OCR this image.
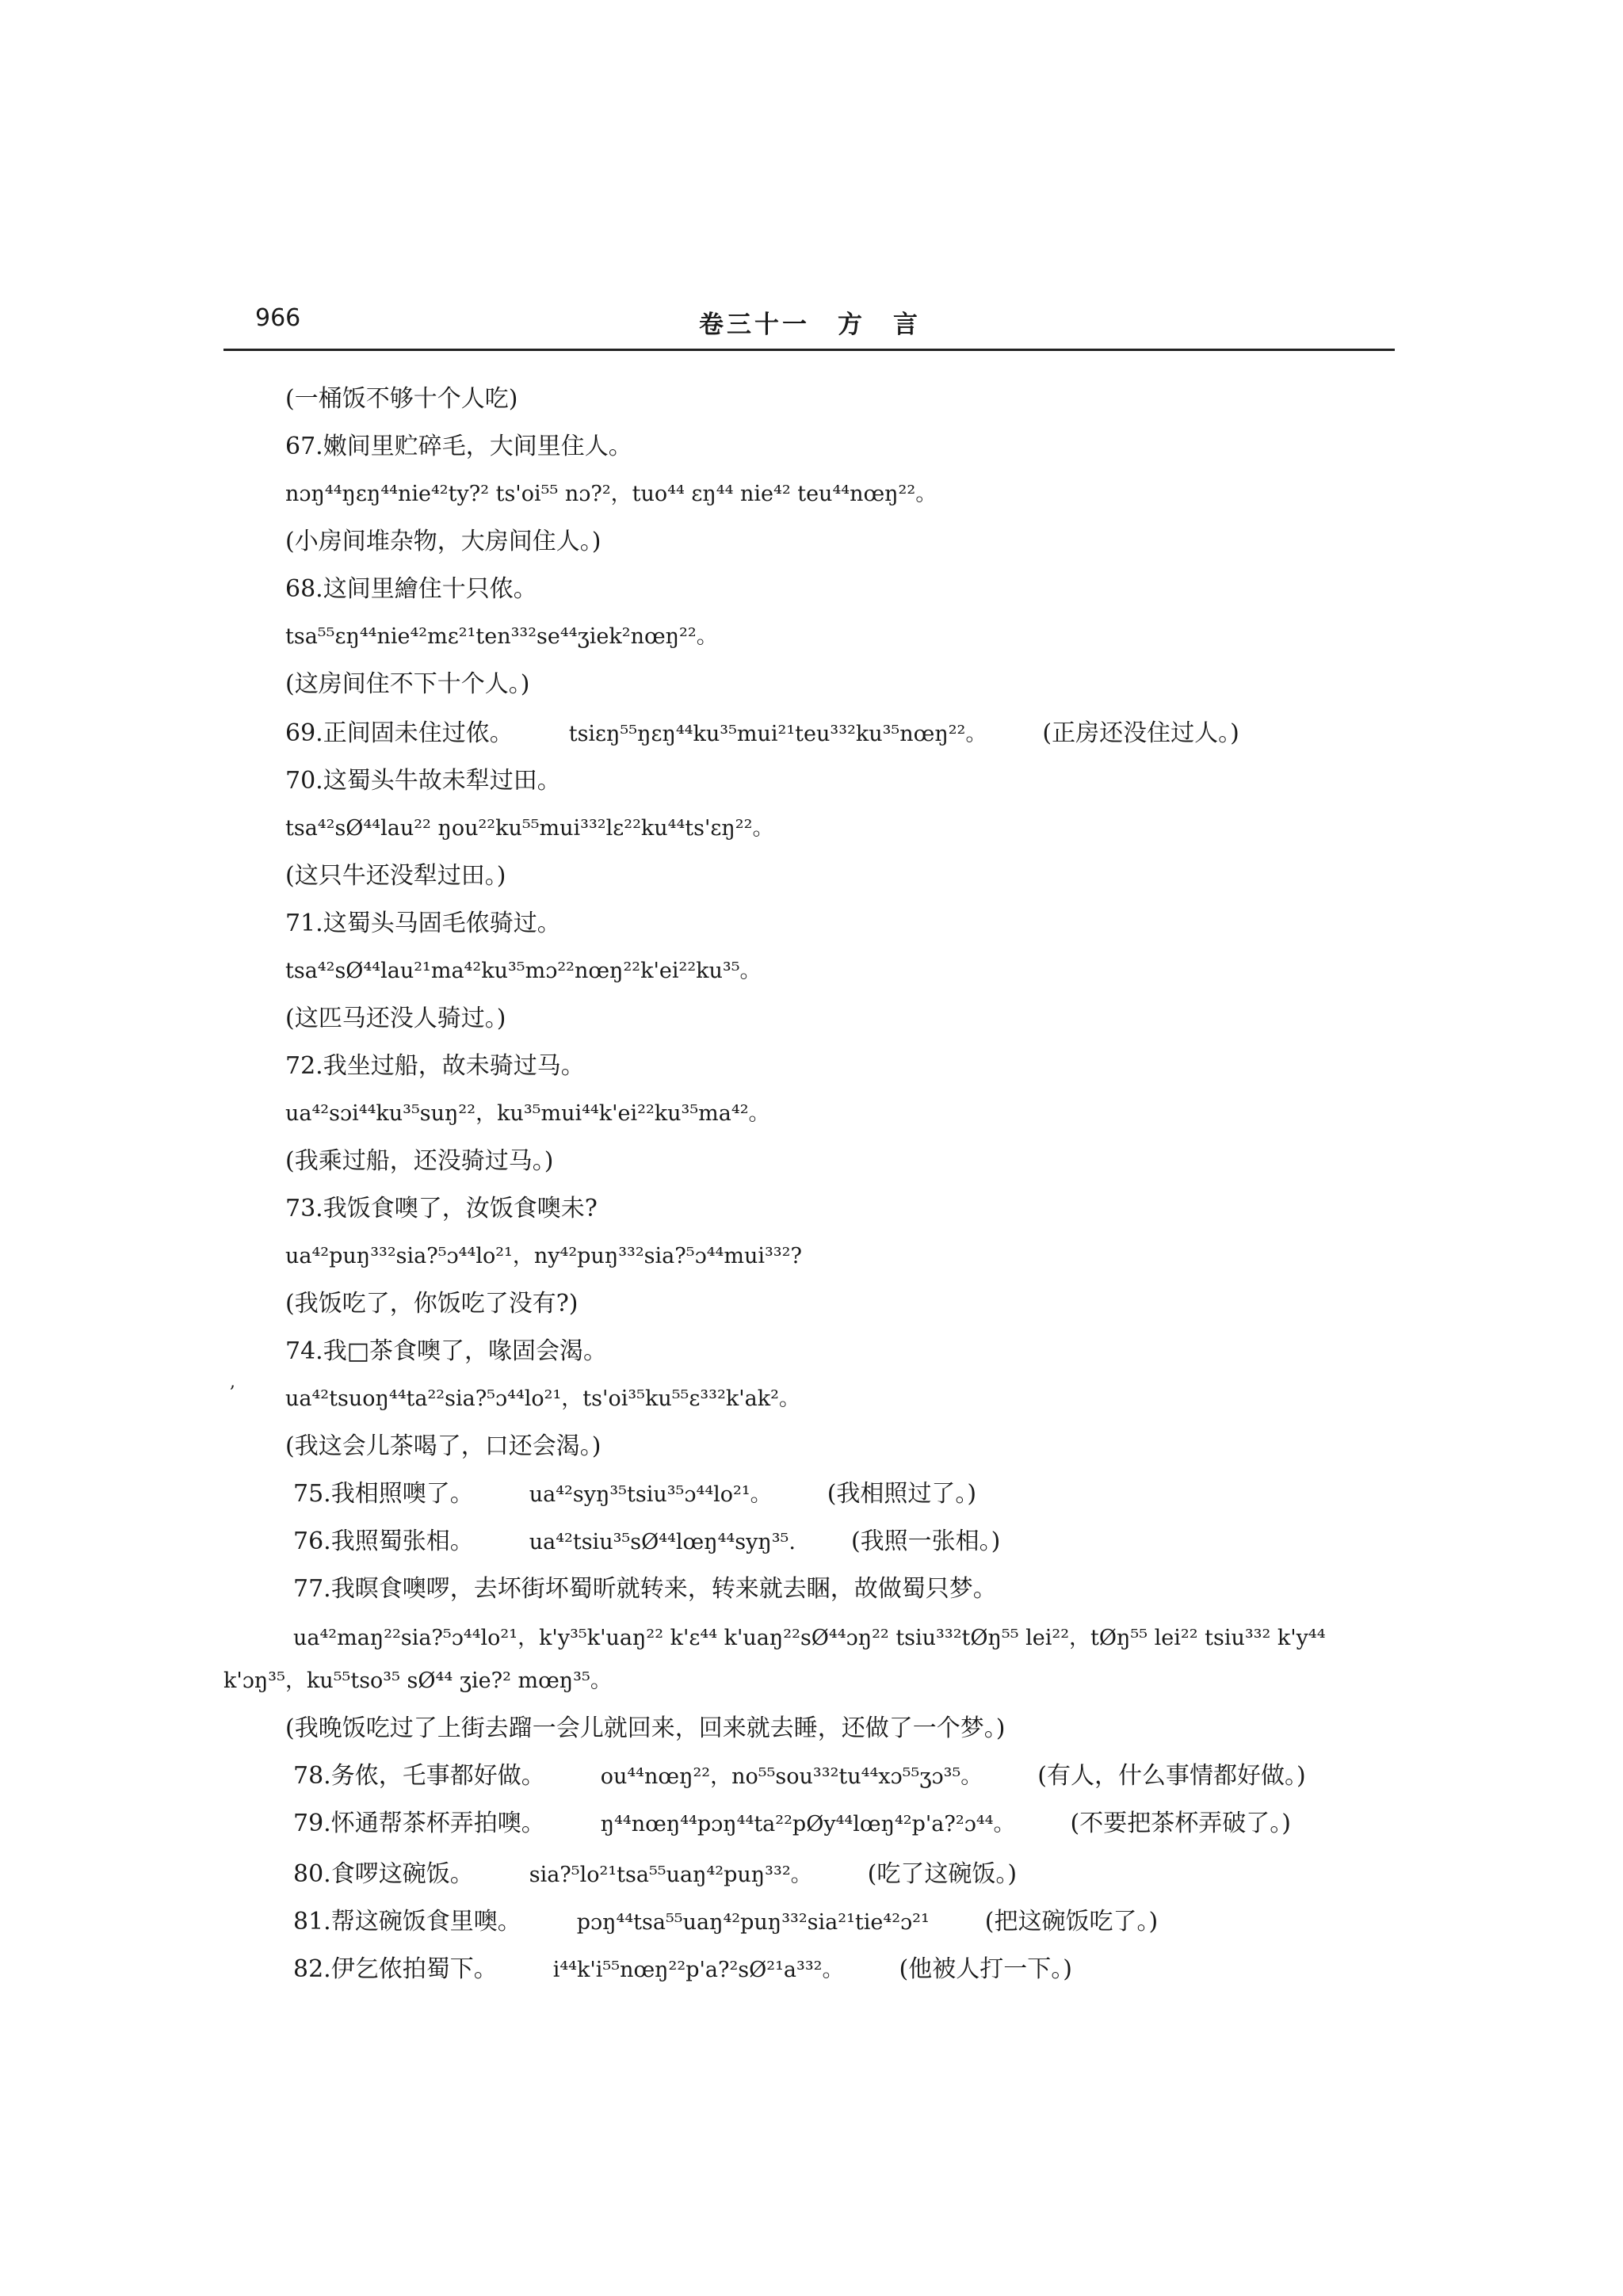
966	卷三十一　方　言
(一桶饭不够十个人吃)
67.嫩间里贮碎毛，大间里住人。
nɔŋ⁴⁴ŋɛŋ⁴⁴nie⁴²ty?² ts'oi⁵⁵ nɔ?²，tuo⁴⁴ ɛŋ⁴⁴ nie⁴² teu⁴⁴nœŋ²²。
(小房间堆杂物，大房间住人。)
68.这间里繪住十只侬。
tsa⁵⁵ɛŋ⁴⁴nie⁴²mɛ²¹ten³³²se⁴⁴ʒiek²nœŋ²²。
(这房间住不下十个人。)
69.正间固未住过侬。	tsiɛŋ⁵⁵ŋɛŋ⁴⁴ku³⁵mui²¹teu³³²ku³⁵nœŋ²²。 (正房还没住过人。)
70.这蜀头牛故未犁过田。
tsa⁴²sØ⁴⁴lau²² ŋou²²ku⁵⁵mui³³²lɛ²²ku⁴⁴ts'ɛŋ²²。
(这只牛还没犁过田。)
71.这蜀头马固毛侬骑过。
tsa⁴²sØ⁴⁴lau²¹ma⁴²ku³⁵mɔ²²nœŋ²²k'ei²²ku³⁵。
(这匹马还没人骑过。)
72.我坐过船，故未骑过马。
ua⁴²sɔi⁴⁴ku³⁵suŋ²²，ku³⁵mui⁴⁴k'ei²²ku³⁵ma⁴²。
(我乘过船，还没骑过马。)
73.我饭食噢了，汝饭食噢未?
ua⁴²puŋ³³²sia?⁵ɔ⁴⁴lo²¹，ny⁴²puŋ³³²sia?⁵ɔ⁴⁴mui³³²?
(我饭吃了，你饭吃了没有?)
74.我□茶食噢了，喙固会渴。
ua⁴²tsuoŋ⁴⁴ta²²sia?⁵ɔ⁴⁴lo²¹，ts'oi³⁵ku⁵⁵ɛ³³²k'ak²。
(我这会儿茶喝了，口还会渴。)
75.我相照噢了。	ua⁴²syŋ³⁵tsiu³⁵ɔ⁴⁴lo²¹。 (我相照过了。)
76.我照蜀张相。	ua⁴²tsiu³⁵sØ⁴⁴lœŋ⁴⁴syŋ³⁵. (我照一张相。)
77.我暝食噢啰，去坏街坏蜀昕就转来，转来就去睏，故做蜀只梦。
ua⁴²maŋ²²sia?⁵ɔ⁴⁴lo²¹，k'y³⁵k'uaŋ²² k'ɛ⁴⁴ k'uaŋ²²sØ⁴⁴ɔŋ²² tsiu³³²tØŋ⁵⁵ lei²²，tØŋ⁵⁵ lei²² tsiu³³² k'y⁴⁴
k'ɔŋ³⁵，ku⁵⁵tso³⁵ sØ⁴⁴ ʒie?² mœŋ³⁵。
(我晚饭吃过了上街去蹓一会儿就回来，回来就去睡，还做了一个梦。)
78.务侬，乇事都好做。	ou⁴⁴nœŋ²²，no⁵⁵sou³³²tu⁴⁴xɔ⁵⁵ʒɔ³⁵。 (有人，什么事情都好做。)
79.怀通帮茶杯弄拍噢。	ŋ⁴⁴nœŋ⁴⁴pɔŋ⁴⁴ta²²pØy⁴⁴lœŋ⁴²p'a?²ɔ⁴⁴。 (不要把茶杯弄破了。)
80.食啰这碗饭。	sia?⁵lo²¹tsa⁵⁵uaŋ⁴²puŋ³³²。 (吃了这碗饭。)
81.帮这碗饭食里噢。	pɔŋ⁴⁴tsa⁵⁵uaŋ⁴²puŋ³³²sia²¹tie⁴²ɔ²¹ (把这碗饭吃了。)
82.伊乞侬拍蜀下。	i⁴⁴k'i⁵⁵nœŋ²²p'a?²sØ²¹a³³²。 (他被人打一下。)
,
